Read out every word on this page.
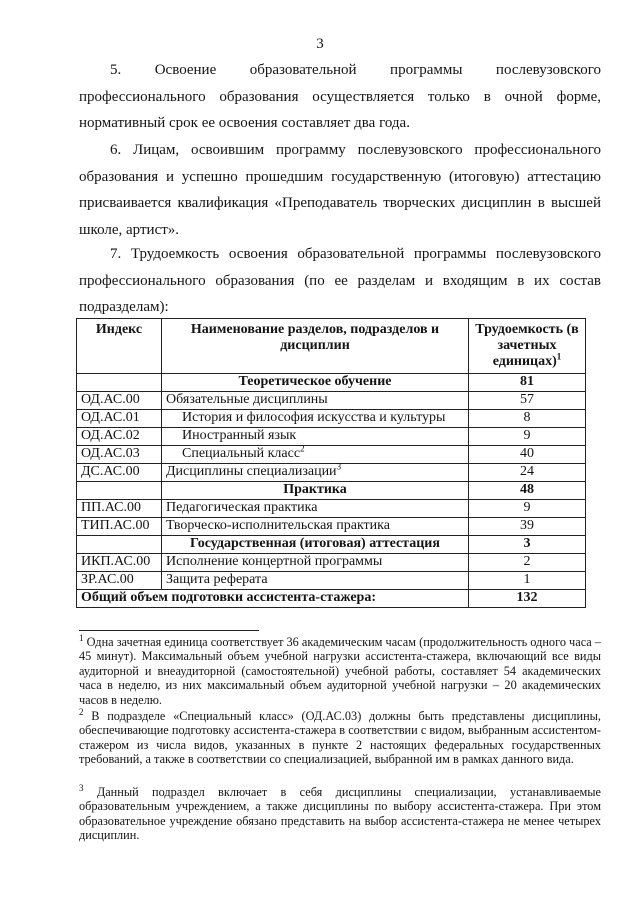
3

5.       Освоение       образовательной       программы       послевузовского профессионального образования осуществляется только в очной форме, нормативный срок ее освоения составляет два года.

6. Лицам, освоившим программу послевузовского профессионального образования и успешно прошедшим государственную (итоговую) аттестацию присваивается квалификация «Преподаватель творческих дисциплин в высшей школе, артист».

7. Трудоемкость освоения образовательной программы послевузовского профессионального образования (по ее разделам и входящим в их состав подразделам):

Индекс	Наименование разделов, подразделов и дисциплин	Трудоемкость (в зачетных единицах)$^1$
	Теоретическое обучение	81
ОД.АС.00	Обязательные дисциплины	57
ОД.АС.01	История и философия искусства и культуры	8
ОД.АС.02	Иностранный язык	9
ОД.АС.03	Специальный класс$^2$	40
ДС.АС.00	Дисциплины специализации$^3$	24
	Практика	48
ПП.АС.00	Педагогическая практика	9
ТИП.АС.00	Творческо-исполнительская практика	39
	Государственная (итоговая) аттестация	3
ИКП.АС.00	Исполнение концертной программы	2
ЗР.АС.00	Защита реферата	1
Общий объем подготовки ассистента-стажера:		132
$^1$ Одна зачетная единица соответствует 36 академическим часам (продолжительность одного часа – 45 минут). Максимальный объем учебной нагрузки ассистента-стажера, включающий все виды аудиторной и внеаудиторной (самостоятельной) учебной работы, составляет 54 академических часа в неделю, из них максимальный объем аудиторной учебной нагрузки – 20 академических часов в неделю.
$^2$ В подразделе «Специальный класс» (ОД.АС.03) должны быть представлены дисциплины, обеспечивающие подготовку ассистента-стажера в соответствии с видом, выбранным ассистентом-стажером из числа видов, указанных в пункте 2 настоящих федеральных государственных требований, а также в соответствии со специализацией, выбранной им в рамках данного вида.
$^3$ Данный подраздел включает в себя дисциплины специализации, устанавливаемые образовательным учреждением, а также дисциплины по выбору ассистента-стажера. При этом образовательное учреждение обязано представить на выбор ассистента-стажера не менее четырех дисциплин.
